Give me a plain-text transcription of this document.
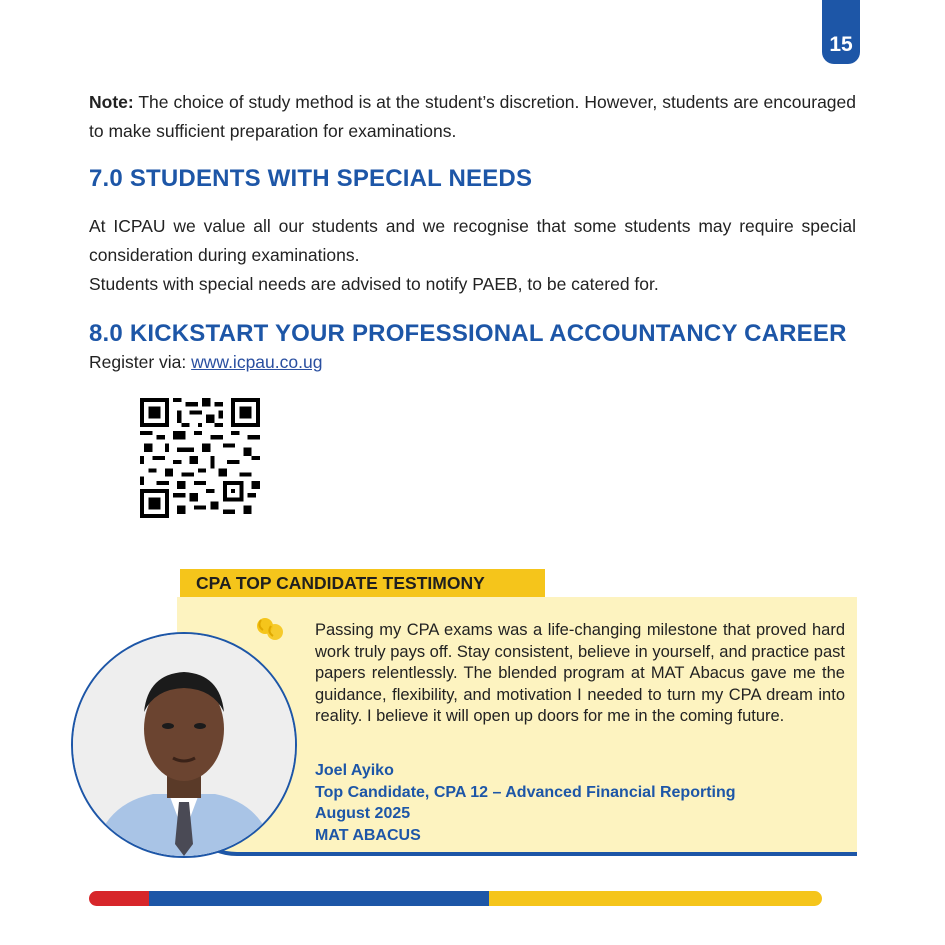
15
Note: The choice of study method is at the student’s discretion. However, students are encouraged to make sufficient preparation for examinations.
7.0 STUDENTS WITH SPECIAL NEEDS
At ICPAU we value all our students and we recognise that some students may require special consideration during examinations.
Students with special needs are advised to notify PAEB, to be catered for.
8.0 KICKSTART YOUR PROFESSIONAL ACCOUNTANCY CAREER
Register via: www.icpau.co.ug
CPA TOP CANDIDATE TESTIMONY
Passing my CPA exams was a life-changing milestone that proved hard work truly pays off. Stay consistent, believe in yourself, and practice past papers relentlessly. The blended program at MAT Abacus gave me the guidance, flexibility, and motivation I needed to turn my CPA dream into reality. I believe it will open up doors for me in the coming future.
Joel Ayiko
Top Candidate, CPA 12 – Advanced Financial Reporting
August 2025
MAT ABACUS
